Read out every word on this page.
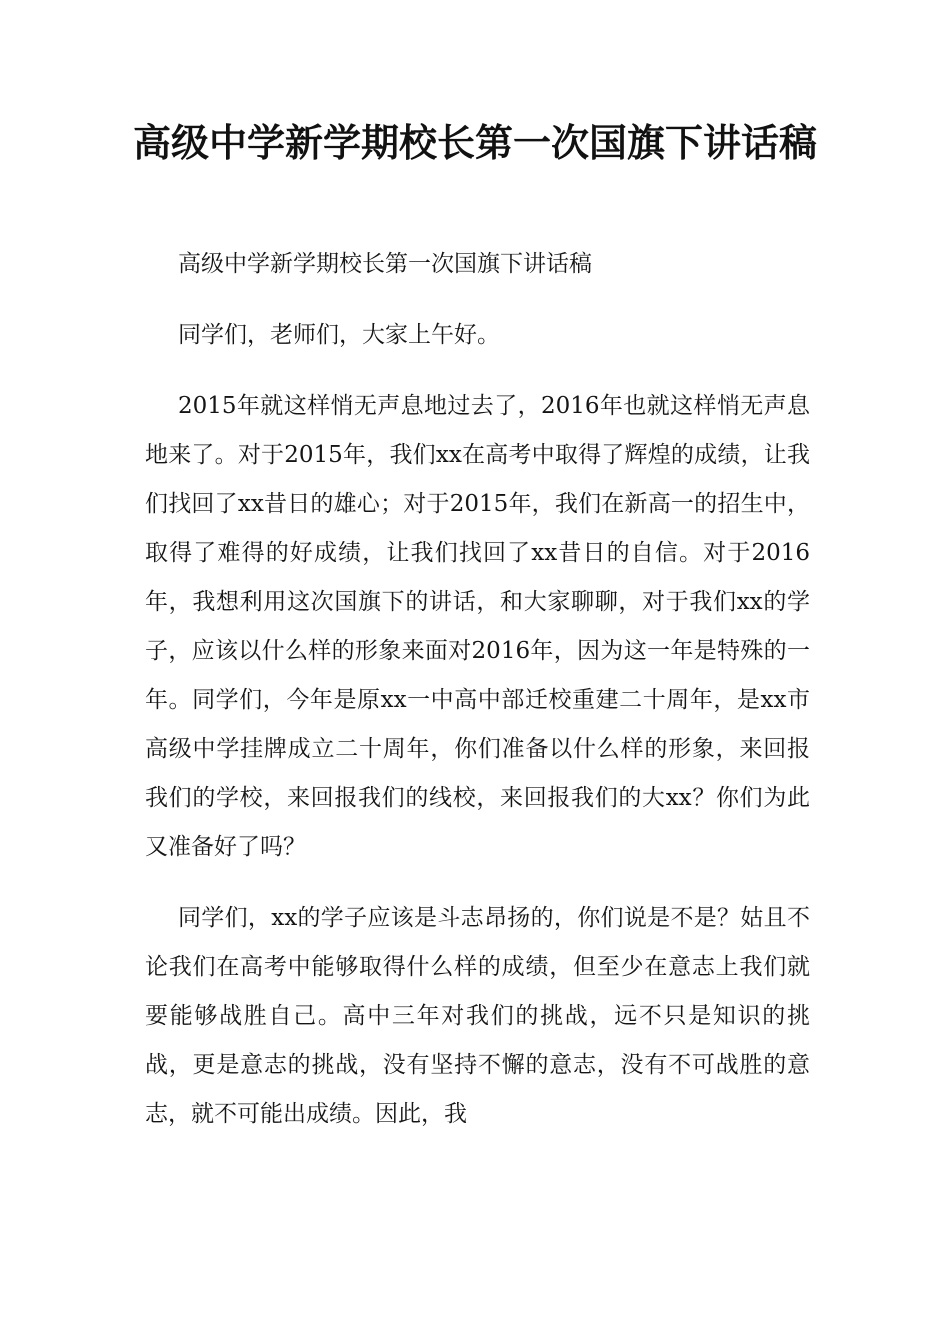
高级中学新学期校长第一次国旗下讲话稿

高级中学新学期校长第一次国旗下讲话稿

同学们，老师们，大家上午好。

2015年就这样悄无声息地过去了，2016年也就这样悄无声息地来了。对于2015年，我们xx在高考中取得了辉煌的成绩，让我们找回了xx昔日的雄心；对于2015年，我们在新高一的招生中，取得了难得的好成绩，让我们找回了xx昔日的自信。对于2016年，我想利用这次国旗下的讲话，和大家聊聊，对于我们xx的学子，应该以什么样的形象来面对2016年，因为这一年是特殊的一年。同学们，今年是原xx一中高中部迁校重建二十周年，是xx市高级中学挂牌成立二十周年，你们准备以什么样的形象，来回报我们的学校，来回报我们的线校，来回报我们的大xx？你们为此又准备好了吗？

同学们，xx的学子应该是斗志昂扬的，你们说是不是？姑且不论我们在高考中能够取得什么样的成绩，但至少在意志上我们就要能够战胜自己。高中三年对我们的挑战，远不只是知识的挑战，更是意志的挑战，没有坚持不懈的意志，没有不可战胜的意志，就不可能出成绩。因此，我
